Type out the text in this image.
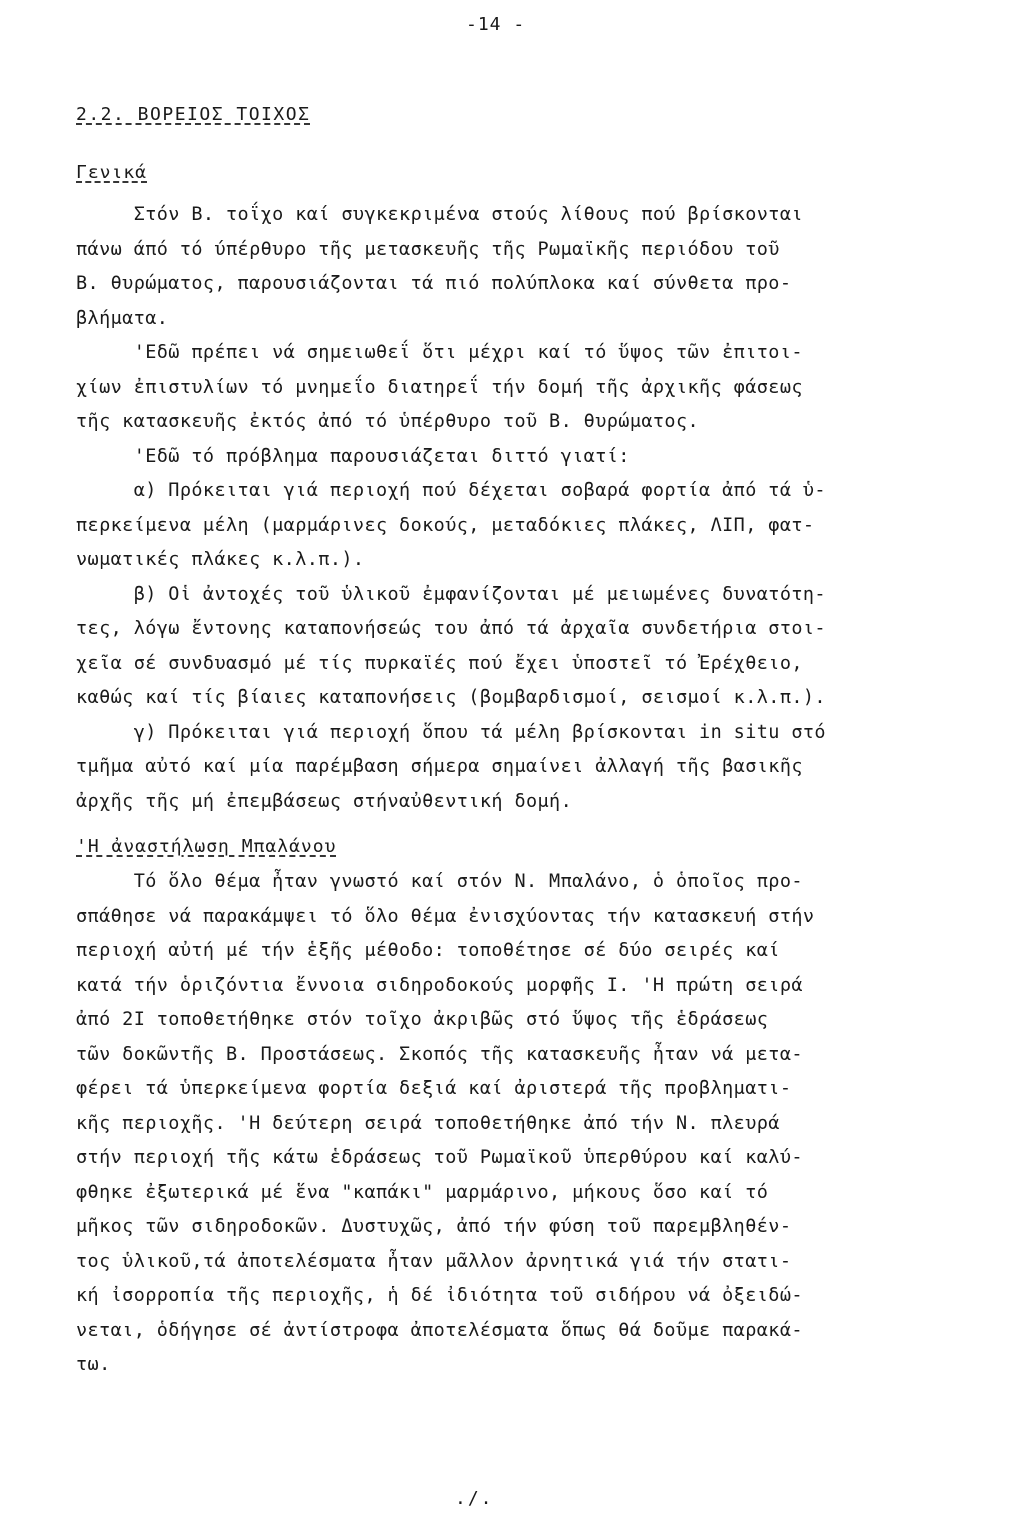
-14 -
2.2. ΒΟΡΕΙΟΣ ΤΟΙΧΟΣ
Γενικά
Στόν Β. τοΐχο καί συγκεκριμένα στούς λίθους πού βρίσκονται
πάνω άπό τό ύπέρθυρο τῆς μετασκευῆς τῆς Ρωμαϊκῆς περιόδου τοῦ
Β. θυρώματος, παρουσιάζονται τά πιό πολύπλοκα καί σύνθετα προ-
βλήματα.
'Εδῶ πρέπει νά σημειωθεΐ ὅτι μέχρι καί τό ὕψος τῶν ἐπιτοι-
χίων ἐπιστυλίων τό μνημεΐο διατηρεΐ τήν δομή τῆς ἀρχικῆς φάσεως
τῆς κατασκευῆς ἐκτός ἀπό τό ὑπέρθυρο τοῦ Β. θυρώματος.
'Εδῶ τό πρόβλημα παρουσιάζεται διττό γιατί:
α) Πρόκειται γιά περιοχή πού δέχεται σοβαρά φορτία ἀπό τά ὑ-
περκείμενα μέλη (μαρμάρινες δοκούς, μεταδόκιες πλάκες, ΛΙΠ, φατ-
νωματικές πλάκες κ.λ.π.).
β) Οἱ ἀντοχές τοῦ ὑλικοῦ ἐμφανίζονται μέ μειωμένες δυνατότη-
τες, λόγω ἔντονης καταπονήσεώς του ἀπό τά ἀρχαῖα συνδετήρια στοι-
χεῖα σέ συνδυασμό μέ τίς πυρκαϊές πού ἔχει ὑποστεῖ τό Ἐρέχθειο,
καθώς καί τίς βίαιες καταπονήσεις (βομβαρδισμοί, σεισμοί κ.λ.π.).
γ) Πρόκειται γιά περιοχή ὅπου τά μέλη βρίσκονται in situ στό
τμῆμα αὐτό καί μία παρέμβαση σήμερα σημαίνει ἀλλαγή τῆς βασικῆς
ἀρχῆς τῆς μή ἐπεμβάσεως στήναὐθεντική δομή.
'Η ἀναστήλωση Μπαλάνου
Τό ὅλο θέμα ἦταν γνωστό καί στόν Ν. Μπαλάνο, ὁ ὁποῖος προ-
σπάθησε νά παρακάμψει τό ὅλο θέμα ἐνισχύοντας τήν κατασκευή στήν
περιοχή αὐτή μέ τήν ἑξῆς μέθοδο: τοποθέτησε σέ δύο σειρές καί
κατά τήν ὁριζόντια ἔννοια σιδηροδοκούς μορφῆς Ι. 'Η πρώτη σειρά
ἀπό 2Ι τοποθετήθηκε στόν τοῖχο ἀκριβῶς στό ὕψος τῆς ἑδράσεως
τῶν δοκῶντῆς Β. Προστάσεως. Σκοπός τῆς κατασκευῆς ἦταν νά μετα-
φέρει τά ὑπερκείμενα φορτία δεξιά καί ἀριστερά τῆς προβληματι-
κῆς περιοχῆς. 'Η δεύτερη σειρά τοποθετήθηκε ἀπό τήν Ν. πλευρά
στήν περιοχή τῆς κάτω ἑδράσεως τοῦ Ρωμαϊκοῦ ὑπερθύρου καί καλύ-
φθηκε ἐξωτερικά μέ ἕνα "καπάκι" μαρμάρινο, μήκους ὅσο καί τό
μῆκος τῶν σιδηροδοκῶν. Δυστυχῶς, ἀπό τήν φύση τοῦ παρεμβληθέν-
τος ὑλικοῦ,τά ἀποτελέσματα ἦταν μᾶλλον ἀρνητικά γιά τήν στατι-
κή ἰσορροπία τῆς περιοχῆς, ἡ δέ ἰδιότητα τοῦ σιδήρου νά ὀξειδώ-
νεται, ὁδήγησε σέ ἀντίστροφα ἀποτελέσματα ὅπως θά δοῦμε παρακά-
τω.
./.
